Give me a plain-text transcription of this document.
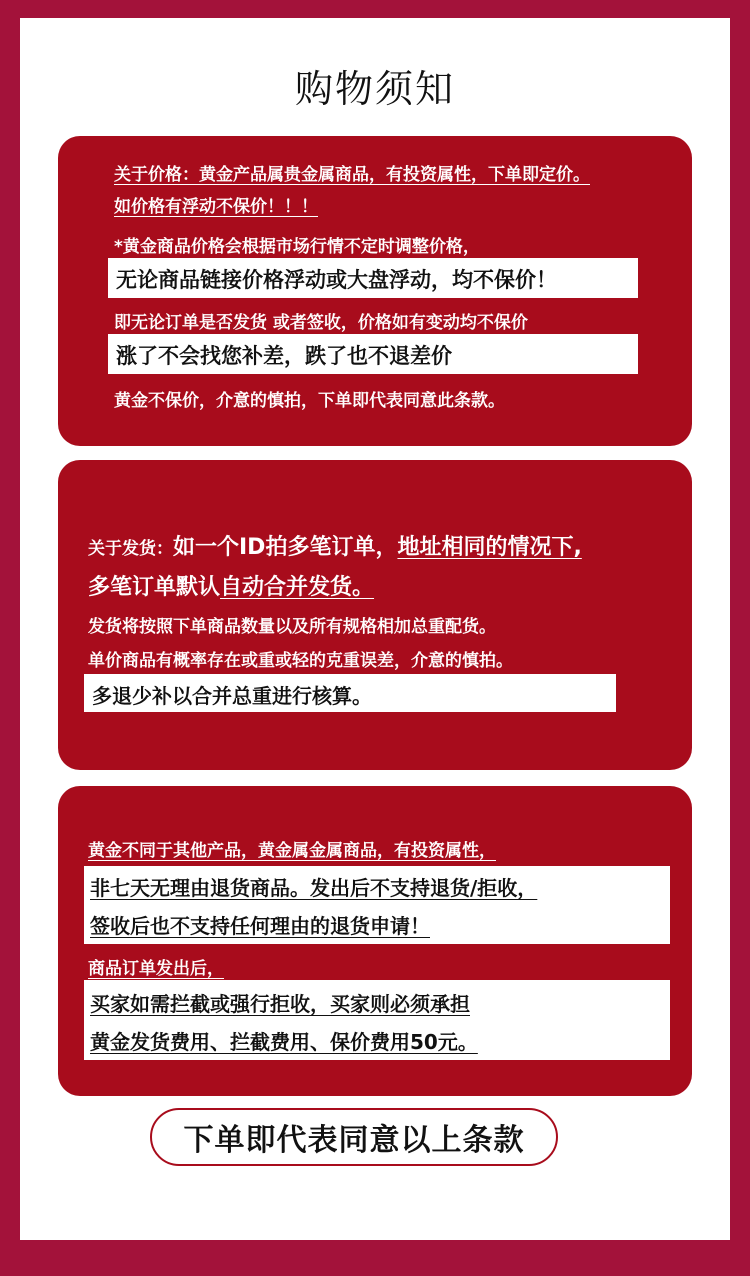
购物须知
关于价格：黄金产品属贵金属商品，有投资属性，下单即定价。
如价格有浮动不保价！！！
*黄金商品价格会根据市场行情不定时调整价格，
无论商品链接价格浮动或大盘浮动，均不保价！
即无论订单是否发货 或者签收，价格如有变动均不保价
涨了不会找您补差，跌了也不退差价
黄金不保价，介意的慎拍，下单即代表同意此条款。
关于发货：如一个ID拍多笔订单，地址相同的情况下,
多笔订单默认自动合并发货。
发货将按照下单商品数量以及所有规格相加总重配货。
单价商品有概率存在或重或轻的克重误差，介意的慎拍。
多退少补以合并总重进行核算。
黄金不同于其他产品，黄金属金属商品，有投资属性，
非七天无理由退货商品。发出后不支持退货/拒收，
签收后也不支持任何理由的退货申请！
商品订单发出后，
买家如需拦截或强行拒收，买家则必须承担
黄金发货费用、拦截费用、保价费用50元。
下单即代表同意以上条款
